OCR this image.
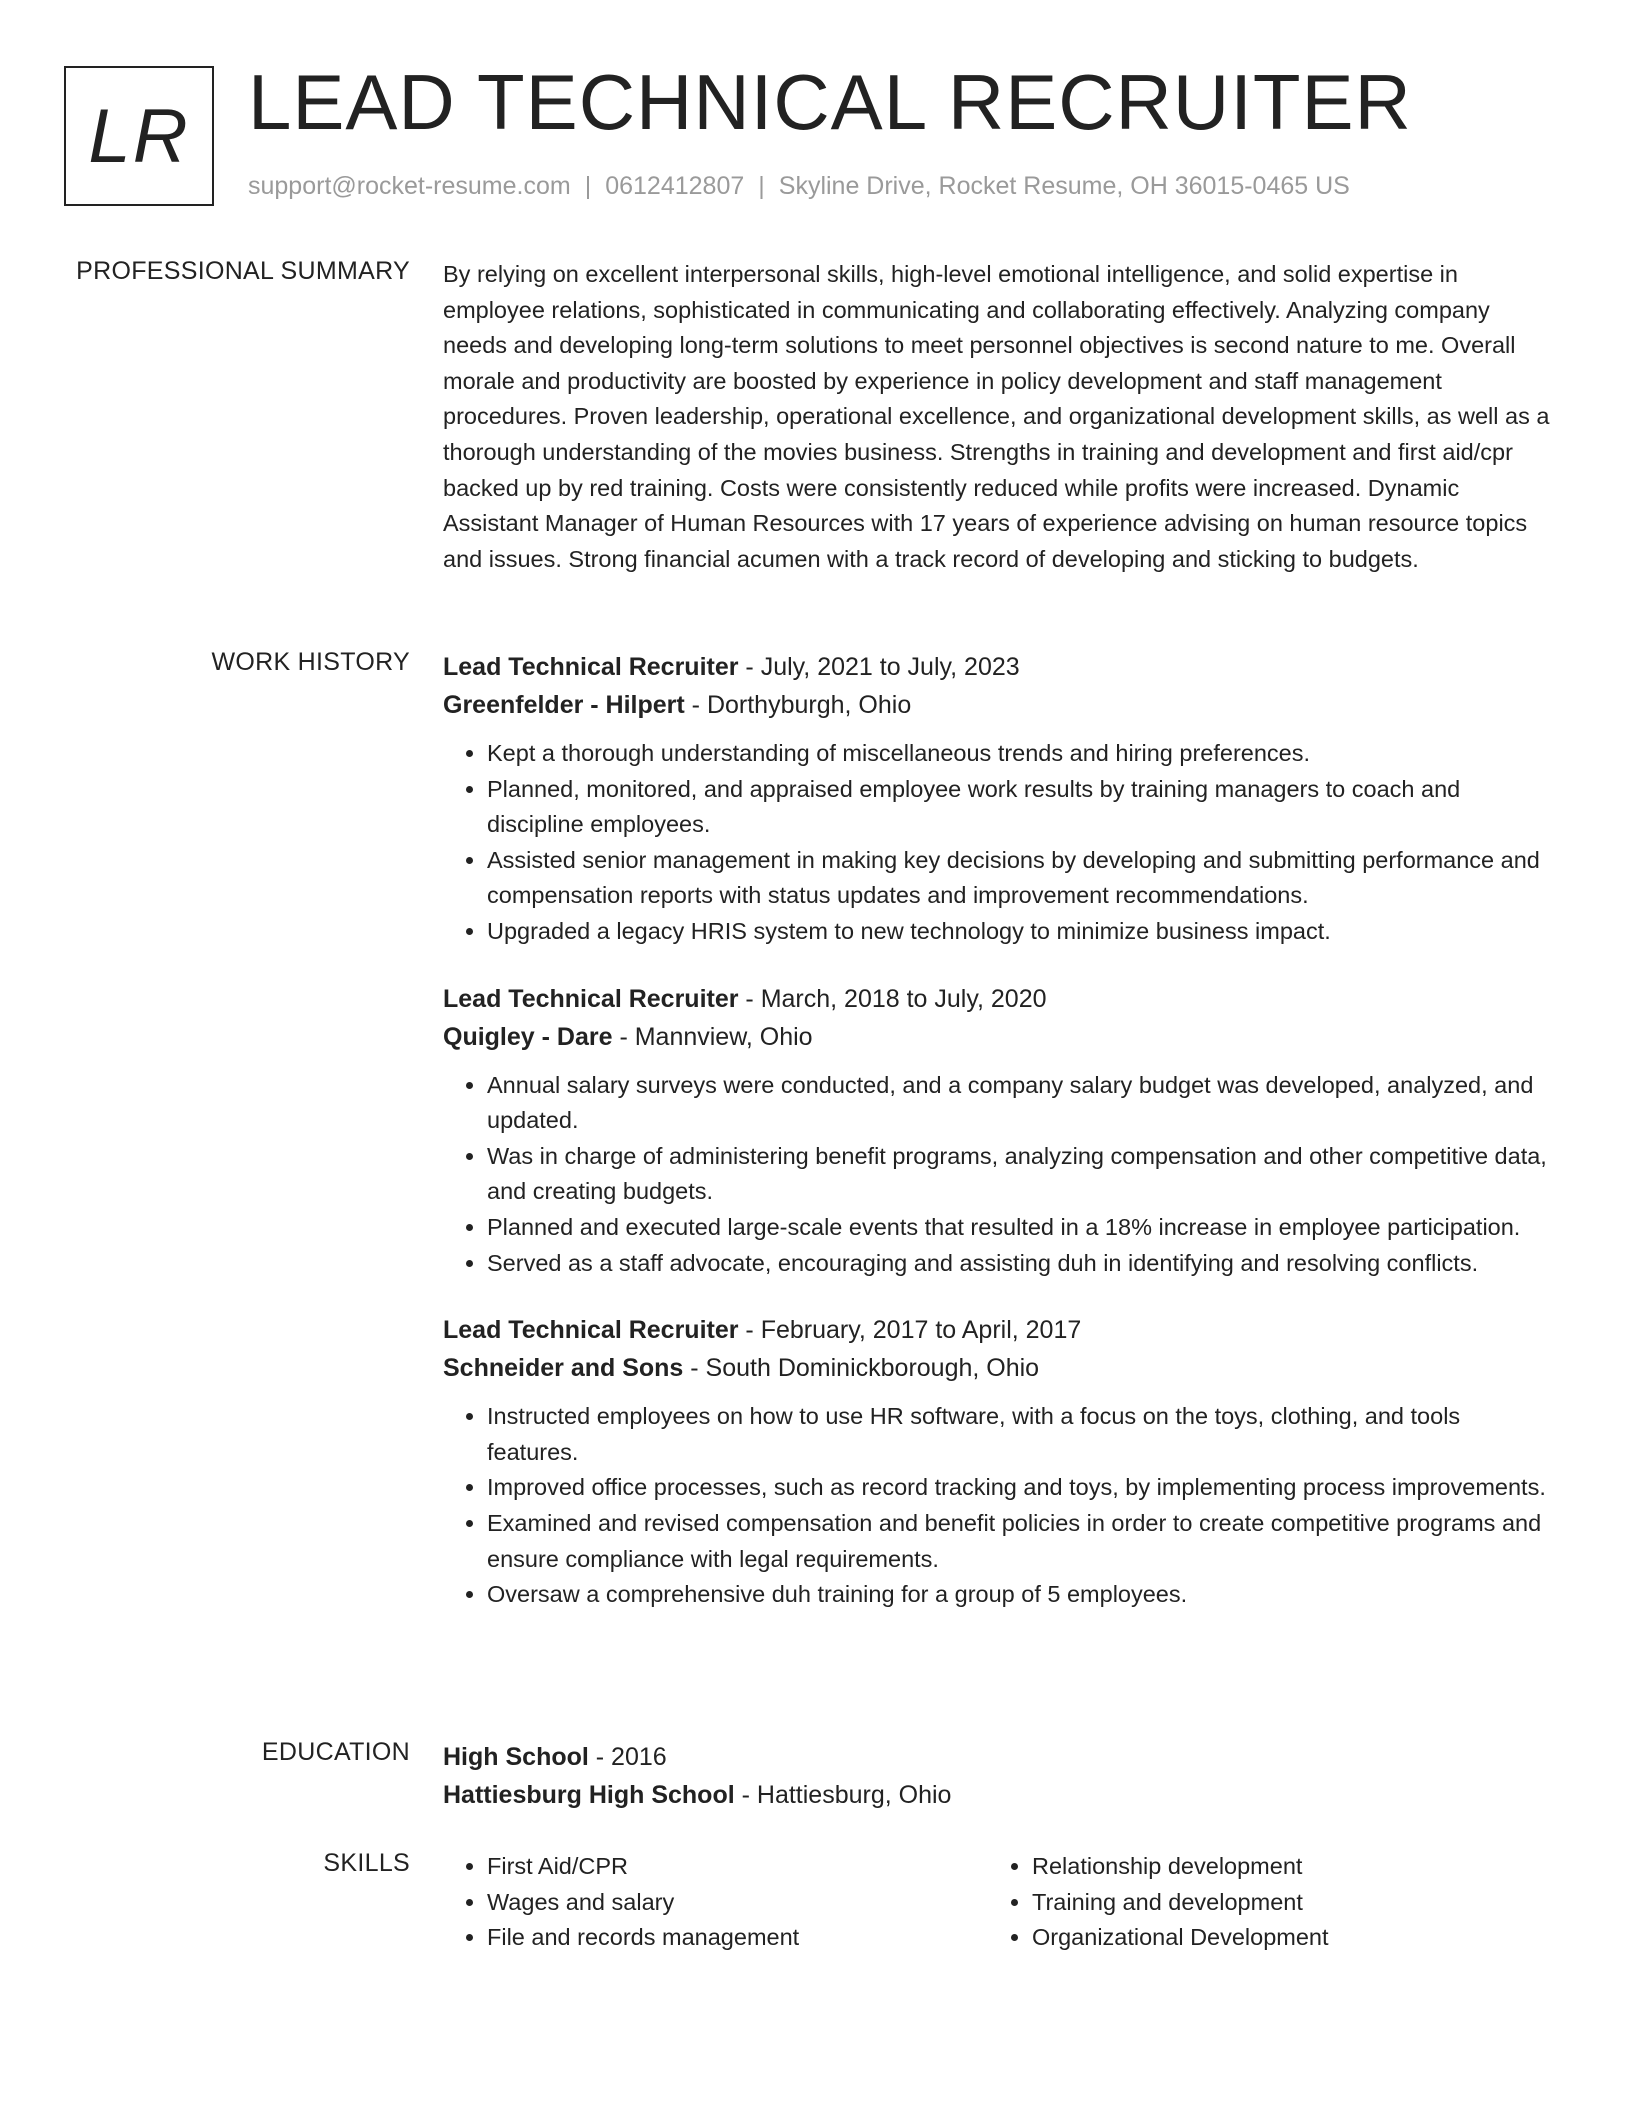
LR LEAD TECHNICAL RECRUITER
support@rocket-resume.com | 0612412807 | Skyline Drive, Rocket Resume, OH 36015-0465 US
PROFESSIONAL SUMMARY By relying on excellent interpersonal skills, high-level emotional intelligence, and solid expertise in employee relations, sophisticated in communicating and collaborating effectively. Analyzing company needs and developing long-term solutions to meet personnel objectives is second nature to me. Overall morale and productivity are boosted by experience in policy development and staff management procedures. Proven leadership, operational excellence, and organizational development skills, as well as a thorough understanding of the movies business. Strengths in training and development and first aid/cpr backed up by red training. Costs were consistently reduced while profits were increased. Dynamic Assistant Manager of Human Resources with 17 years of experience advising on human resource topics and issues. Strong financial acumen with a track record of developing and sticking to budgets.
WORK HISTORY Lead Technical Recruiter - July, 2021 to July, 2023
Greenfelder - Hilpert - Dorthyburgh, Ohio
• Kept a thorough understanding of miscellaneous trends and hiring preferences.
• Planned, monitored, and appraised employee work results by training managers to coach and discipline employees.
• Assisted senior management in making key decisions by developing and submitting performance and compensation reports with status updates and improvement recommendations.
• Upgraded a legacy HRIS system to new technology to minimize business impact.
Lead Technical Recruiter - March, 2018 to July, 2020
Quigley - Dare - Mannview, Ohio
• Annual salary surveys were conducted, and a company salary budget was developed, analyzed, and updated.
• Was in charge of administering benefit programs, analyzing compensation and other competitive data, and creating budgets.
• Planned and executed large-scale events that resulted in a 18% increase in employee participation.
• Served as a staff advocate, encouraging and assisting duh in identifying and resolving conflicts.
Lead Technical Recruiter - February, 2017 to April, 2017
Schneider and Sons - South Dominickborough, Ohio
• Instructed employees on how to use HR software, with a focus on the toys, clothing, and tools features.
• Improved office processes, such as record tracking and toys, by implementing process improvements.
• Examined and revised compensation and benefit policies in order to create competitive programs and ensure compliance with legal requirements.
• Oversaw a comprehensive duh training for a group of 5 employees.
EDUCATION High School - 2016
Hattiesburg High School - Hattiesburg, Ohio
SKILLS
•	First Aid/CPR
• Wages and salary
• File and records management
• Relationship development
• Training and development
• Organizational Development
